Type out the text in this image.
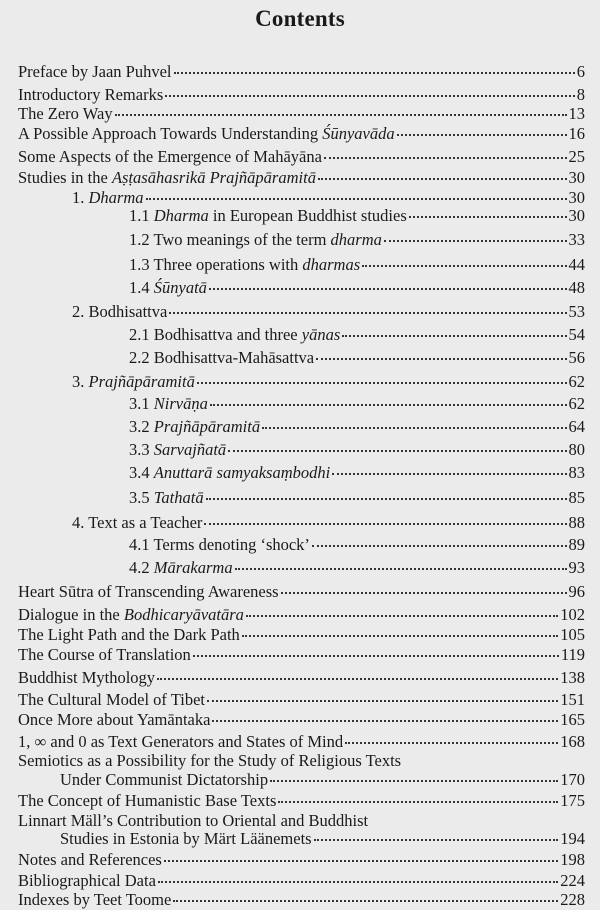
Contents
Preface by Jaan Puhvel	6
Introductory Remarks	8
The Zero Way	13
A Possible Approach Towards Understanding Śūnyavāda	16
Some Aspects of the Emergence of Mahāyāna	25
Studies in the Aṣṭasāhasrikā Prajñāpāramitā	30
1. Dharma	30
1.1 Dharma in European Buddhist studies	30
1.2 Two meanings of the term dharma	33
1.3 Three operations with dharmas	44
1.4 Śūnyatā	48
2. Bodhisattva	53
2.1 Bodhisattva and three yānas	54
2.2 Bodhisattva-Mahāsattva	56
3. Prajñāpāramitā	62
3.1 Nirvāṇa	62
3.2 Prajñāpāramitā	64
3.3 Sarvajñatā	80
3.4 Anuttarā samyaksaṃbodhi	83
3.5 Tathatā	85
4. Text as a Teacher	88
4.1 Terms denoting ‘shock’	89
4.2 Mārakarma	93
Heart Sūtra of Transcending Awareness	96
Dialogue in the Bodhicaryāvatāra	102
The Light Path and the Dark Path	105
The Course of Translation	119
Buddhist Mythology	138
The Cultural Model of Tibet	151
Once More about Yamāntaka	165
1, ∞ and 0 as Text Generators and States of Mind	168
Semiotics as a Possibility for the Study of Religious Texts
Under Communist Dictatorship	170
The Concept of Humanistic Base Texts	175
Linnart Mäll’s Contribution to Oriental and Buddhist
Studies in Estonia by Märt Läänemets	194
Notes and References	198
Bibliographical Data	224
Indexes by Teet Toome	228
